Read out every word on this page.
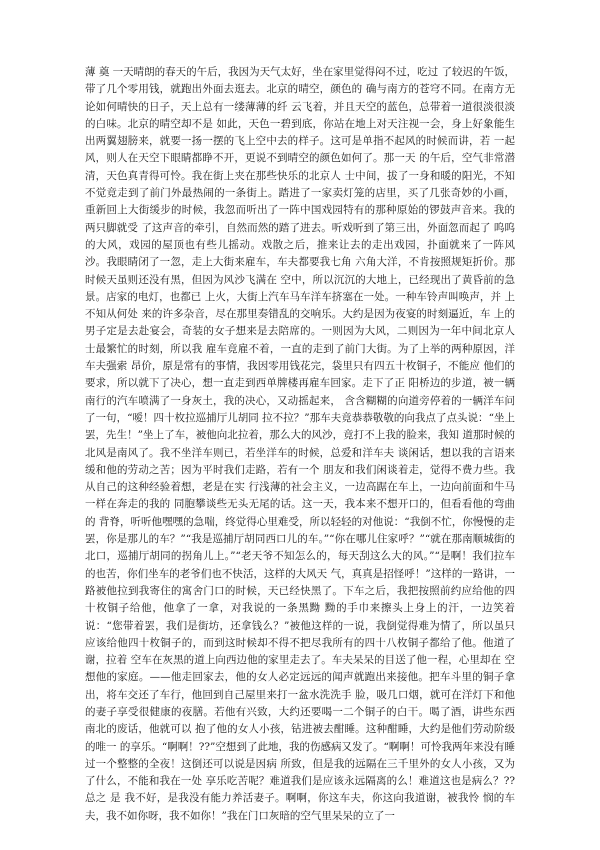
薄 奠 一天晴朗的春天的午后，我因为天气太好，坐在家里觉得闷不过，吃过 了较迟的午饭，带了几个零用钱，就跑出外面去逛去。北京的晴空，颜色的 确与南方的苍穹不同。在南方无论如何晴快的日子，天上总有一缕薄薄的纤 云飞着，并且天空的蓝色，总带着一道很淡很淡的白味。北京的晴空却不是 如此，天色一碧到底，你站在地上对天注视一会，身上好象能生出两翼翅膀来，就要一扬一摆的飞上空中去的样子。这可是单指不起风的时候而讲，若 一起风，则人在天空下眼睛都睁不开，更说不到晴空的颜色如何了。那一天 的午后，空气非常潜清，天色真青得可怜。我在街上夹在那些快乐的北京人 士中间，拔了一身和暖的阳光，不知不觉竟走到了前门外最热闹的一条街上。踏进了一家卖灯笼的店里，买了几张奇妙的小画，重新回上大街缓步的时候，我忽而听出了一阵中国戏园特有的那种原始的锣鼓声音来。我的两只脚就受 了这声音的牵引，自然而然的踏了进去。听戏听到了第三出，外面忽而起了 呜呜的大风，戏园的屋顶也有些儿摇动。戏散之后，推来让去的走出戏园，扑面就来了一阵风沙。我眼睛闭了一忽，走上大街来雇车，车夫都要我七角 六角大洋，不肯按照规矩折价。那时候天虽则还没有黑，但因为风沙飞满在 空中，所以沉沉的大地上，已经现出了黄昏前的急景。店家的电灯，也都已 上火，大街上汽车马车洋车挤塞在一处。一种车铃声叫唤声，并 上不知从何处 来的许多杂音，尽在那里奏错乱的交响乐。大约是因为夜宴的时刻逼近，车 上的男子定是去赴宴会，奇装的女子想来是去陪席的。一则因为大风，二则因为一年中间北京人士最繁忙的时刻，所以我 雇车竟雇不着，一直的走到了前门大街。为了上举的两种原因，洋车夫强索 昂价，原是常有的事情，我因零用钱花完，袋里只有四五十枚铜子，不能应 他们的要求，所以就下了决心，想一直走到西单牌楼再雇车回家。走下了正 阳桥边的步道，被一辆南行的汽车喷满了一身灰土，我的决心，又动摇起来， 含含糊糊的向道旁停着的一辆洋车问了一句，“嗳！四十枚拉巡捕厅儿胡同 拉不拉？”那车夫竟恭恭敬敬的向我点了点头说：“坐上罢，先生！”坐上了车，被他向北拉着，那么大的风沙，竟打不上我的脸来，我知 道那时候的北风是南风了。我不坐洋车则已，若坐洋车的时候，总爱和洋车夫 谈闲话，想以我的言语来缓和他的劳动之苦；因为平时我们走路，若有一个 朋友和我们闲谈着走，觉得不费力些。我从自己的这种经验着想，老是在实 行浅薄的社会主义，一边高踞在车上，一边向前面和牛马一样在奔走的我的 同胞攀谈些无头无尾的话。这一天，我本来不想开口的，但看看他的弯曲的 背脊，听听他嘿嘿的急喘，终觉得心里难受，所以轻轻的对他说：“我倒不忙，你慢慢的走罢，你是那儿的车？”“我是巡捕厅胡同西口儿的车。”“你在哪儿住家呼？”“就在那南顺城街的北口，巡捕厅胡同的拐角儿上。”“老天爷不知怎么的，每天刮这么大的风。”“是啊！我们拉车的也苦，你们坐车的老爷们也不快活，这样的大风天 气，真真是招怪呼！”这样的一路讲，一路被他拉到我寄住的寓舍门口的时候，天已经快黑了。下车之后，我把按照前约应给他的四十枚铜子给他，他拿了一拿，对我说的一条黑黝 黝的手巾来擦头上身上的汗，一边笑着说：“您带着罢，我们是街坊，还拿钱么？”被他这样的一说，我倒觉得难为情了，所以虽只应该给他四十枚铜子的，而到这时候却不得不把尽我所有的四十八枚铜子都给了他。他道了谢，拉着 空车在灰黑的道上向西边他的家里走去了。车夫呆呆的目送了他一程，心里却在 空想他的家庭。——他走回家去，他的女人必定远远的闻声就跑出来接他。把车斗里的铜子拿出，将车交还了车行，他回到自己屋里来打一盆水洗洗手 脸，吸几口烟，就可在洋灯下和他的妻子享受很健康的夜膳。若他有兴致，大约还要喝一二个铜子的白干。喝了酒，讲些东西南北的废话，他就可以 抱了他的女人小孩，钻进被去酣睡。这种酣睡，大约是他们劳动阶级的唯一 的享乐。“啊啊！??”空想到了此地，我的伤感病又发了。“啊啊！可怜我两年来没有睡过一个整整的全夜！这倒还可以说是因病 所致，但是我的远隔在三千里外的女人小孩，又为了什么，不能和我在一处 享乐吃苦呢？难道我们是应该永远隔离的么！难道这也是病么？??总之 是 我不好，是我没有能力养活妻子。啊啊，你这车夫，你这向我道谢，被我怜 悯的车夫，我不如你呀，我不如你！”我在门口灰暗的空气里呆呆的立了一
